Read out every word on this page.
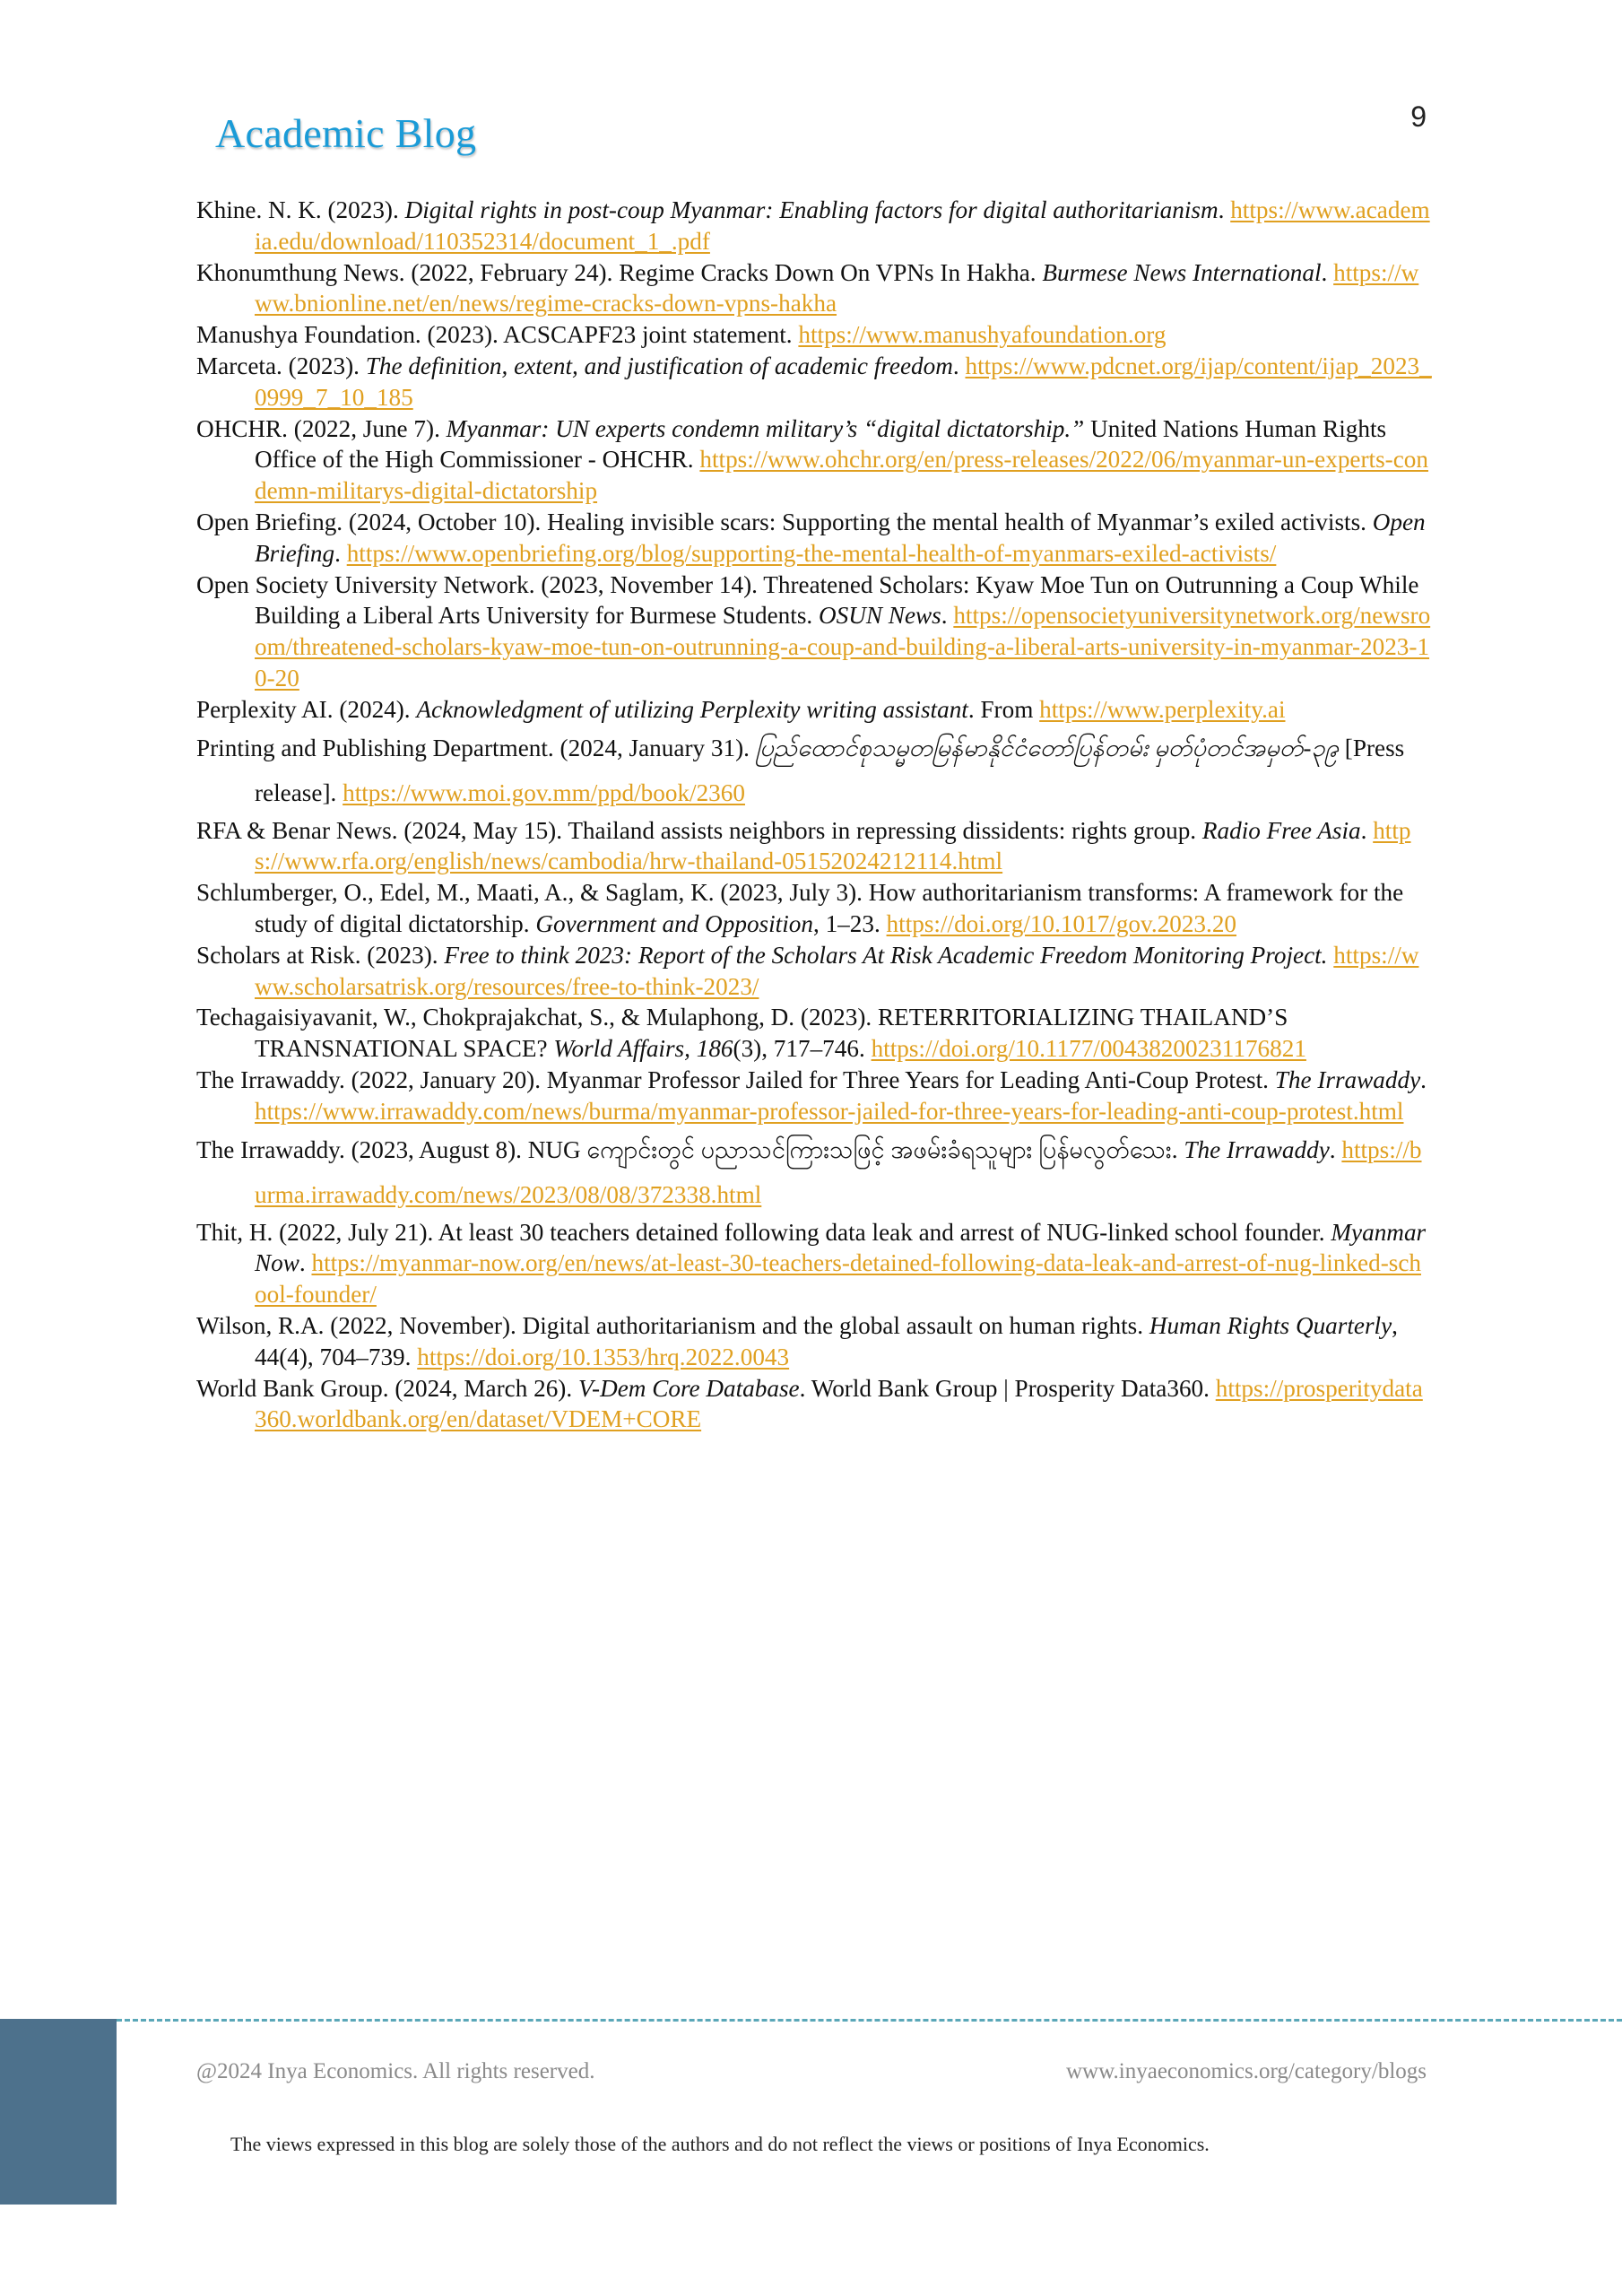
Academic Blog	9

Khine. N. K. (2023). Digital rights in post-coup Myanmar: Enabling factors for digital authoritarianism. https://www.academia.edu/download/110352314/document_1_.pdf

Khonumthung News. (2022, February 24). Regime Cracks Down On VPNs In Hakha. Burmese News International. https://www.bnionline.net/en/news/regime-cracks-down-vpns-hakha

Manushya Foundation. (2023). ACSCAPF23 joint statement. https://www.manushyafoundation.org

Marceta. (2023). The definition, extent, and justification of academic freedom. https://www.pdcnet.org/ijap/content/ijap_2023_0999_7_10_185

OHCHR. (2022, June 7). Myanmar: UN experts condemn military’s “digital dictatorship.” United Nations Human Rights Office of the High Commissioner - OHCHR. https://www.ohchr.org/en/press-releases/2022/06/myanmar-un-experts-condemn-militarys-digital-dictatorship

Open Briefing. (2024, October 10). Healing invisible scars: Supporting the mental health of Myanmar’s exiled activists. Open Briefing. https://www.openbriefing.org/blog/supporting-the-mental-health-of-myanmars-exiled-activists/

Open Society University Network. (2023, November 14). Threatened Scholars: Kyaw Moe Tun on Outrunning a Coup While Building a Liberal Arts University for Burmese Students. OSUN News. https://opensocietyuniversitynetwork.org/newsroom/threatened-scholars-kyaw-moe-tun-on-outrunning-a-coup-and-building-a-liberal-arts-university-in-myanmar-2023-10-20

Perplexity AI. (2024). Acknowledgment of utilizing Perplexity writing assistant. From https://www.perplexity.ai

Printing and Publishing Department. (2024, January 31). ပြည်ထောင်စုသမ္မတမြန်မာနိုင်ငံတော်ပြန်တမ်း မှတ်ပုံတင်အမှတ်-၃၉ [Press release]. https://www.moi.gov.mm/ppd/book/2360

RFA & Benar News. (2024, May 15). Thailand assists neighbors in repressing dissidents: rights group. Radio Free Asia. https://www.rfa.org/english/news/cambodia/hrw-thailand-05152024212114.html

Schlumberger, O., Edel, M., Maati, A., & Saglam, K. (2023, July 3). How authoritarianism transforms: A framework for the study of digital dictatorship. Government and Opposition, 1–23. https://doi.org/10.1017/gov.2023.20

Scholars at Risk. (2023). Free to think 2023: Report of the Scholars At Risk Academic Freedom Monitoring Project. https://www.scholarsatrisk.org/resources/free-to-think-2023/

Techagaisiyavanit, W., Chokprajakchat, S., & Mulaphong, D. (2023). RETERRITORIALIZING THAILAND’S TRANSNATIONAL SPACE? World Affairs, 186(3), 717–746. https://doi.org/10.1177/00438200231176821

The Irrawaddy. (2022, January 20). Myanmar Professor Jailed for Three Years for Leading Anti-Coup Protest. The Irrawaddy. https://www.irrawaddy.com/news/burma/myanmar-professor-jailed-for-three-years-for-leading-anti-coup-protest.html

The Irrawaddy. (2023, August 8). NUG ကျောင်းတွင် ပညာသင်ကြားသဖြင့် အဖမ်းခံရသူများ ပြန်မလွတ်သေး. The Irrawaddy. https://burma.irrawaddy.com/news/2023/08/08/372338.html

Thit, H. (2022, July 21). At least 30 teachers detained following data leak and arrest of NUG-linked school founder. Myanmar Now. https://myanmar-now.org/en/news/at-least-30-teachers-detained-following-data-leak-and-arrest-of-nug-linked-school-founder/

Wilson, R.A. (2022, November). Digital authoritarianism and the global assault on human rights. Human Rights Quarterly, 44(4), 704–739. https://doi.org/10.1353/hrq.2022.0043

World Bank Group. (2024, March 26). V-Dem Core Database. World Bank Group | Prosperity Data360. https://prosperitydata360.worldbank.org/en/dataset/VDEM+CORE

@2024 Inya Economics. All rights reserved.	www.inyaeconomics.org/category/blogs
The views expressed in this blog are solely those of the authors and do not reflect the views or positions of Inya Economics.
